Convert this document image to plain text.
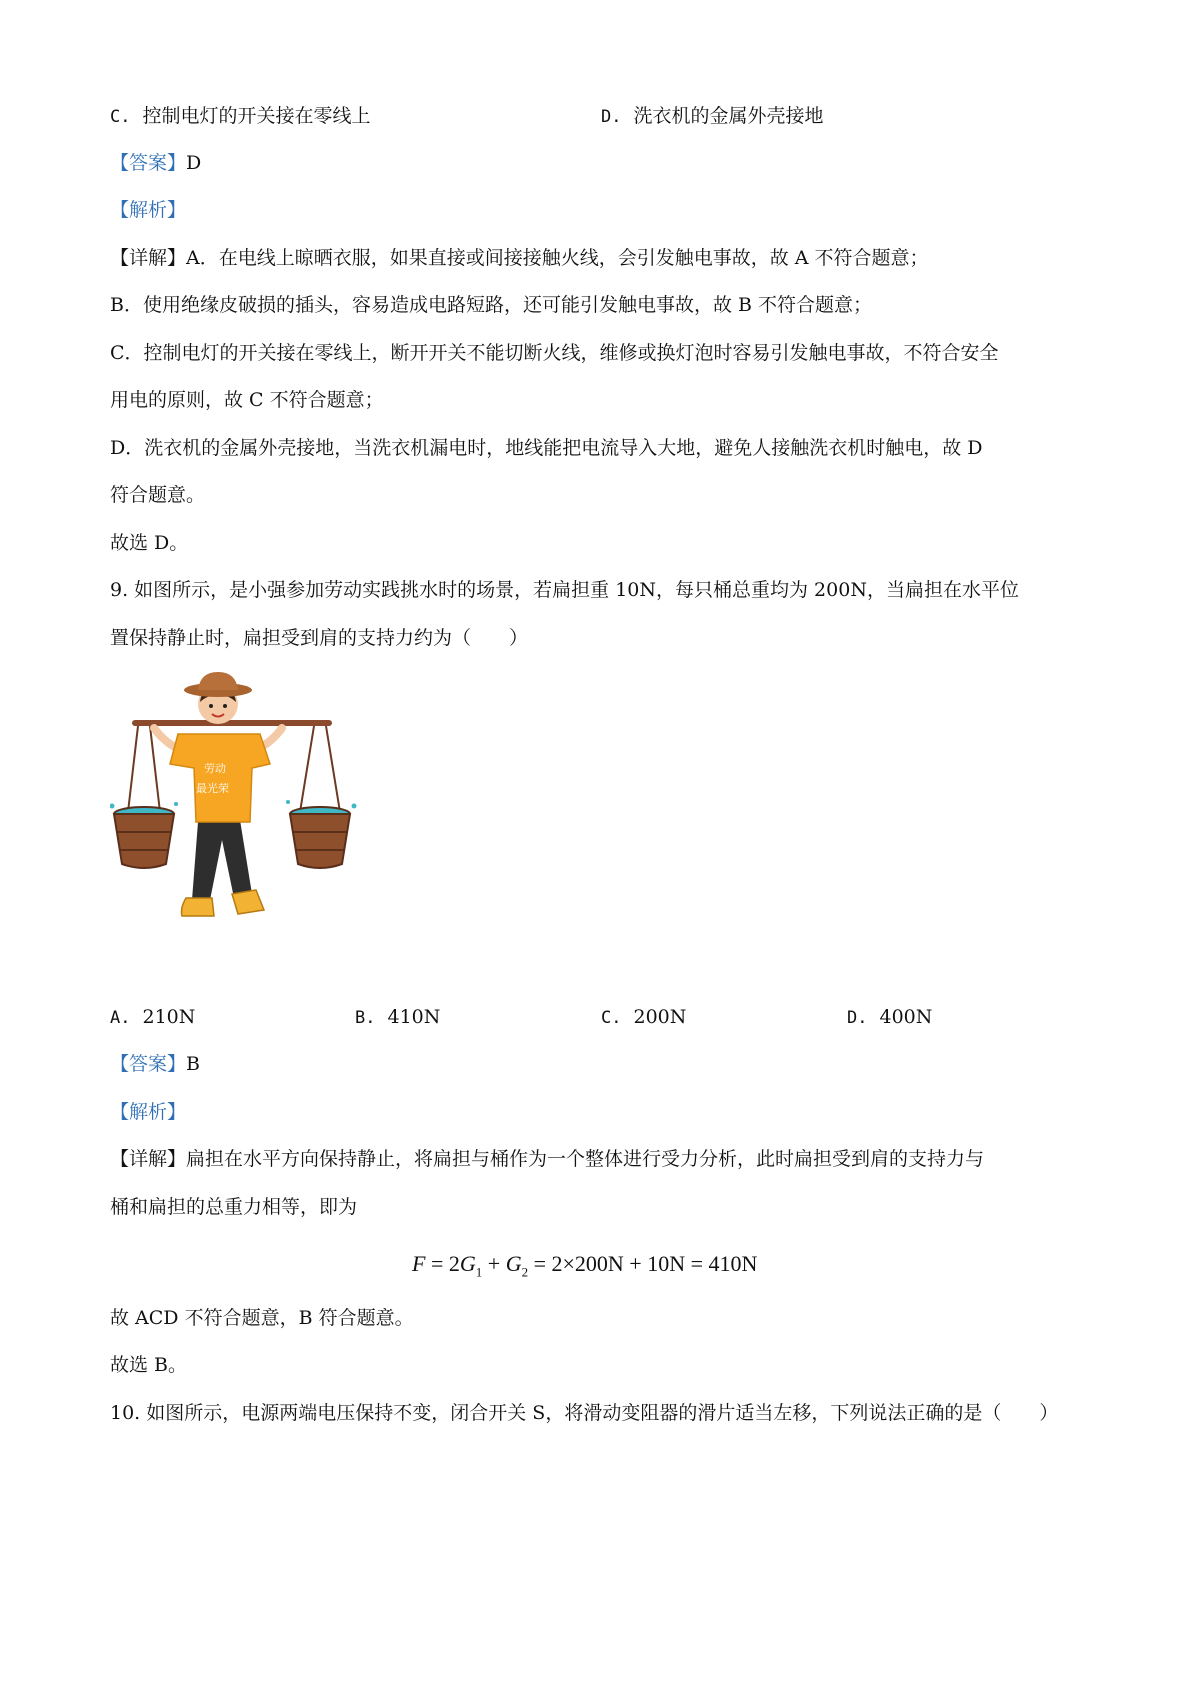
C. 控制电灯的开关接在零线上	D. 洗衣机的金属外壳接地
【答案】D
【解析】
【详解】A．在电线上晾晒衣服，如果直接或间接接触火线，会引发触电事故，故 A 不符合题意；
B．使用绝缘皮破损的插头，容易造成电路短路，还可能引发触电事故，故 B 不符合题意；
C．控制电灯的开关接在零线上，断开开关不能切断火线，维修或换灯泡时容易引发触电事故，不符合安全
用电的原则，故 C 不符合题意；
D．洗衣机的金属外壳接地，当洗衣机漏电时，地线能把电流导入大地，避免人接触洗衣机时触电，故 D
符合题意。
故选 D。
9. 如图所示，是小强参加劳动实践挑水时的场景，若扁担重 10N，每只桶总重均为 200N，当扁担在水平位
置保持静止时，扁担受到肩的支持力约为（　　）
劳动
最光荣
A. 210N	B. 410N	C. 200N	D. 400N
【答案】B
【解析】
【详解】扁担在水平方向保持静止，将扁担与桶作为一个整体进行受力分析，此时扁担受到肩的支持力与
桶和扁担的总重力相等，即为
$F = 2G_1 + G_2 = 2\times 200N + 10N = 410N$
故 ACD 不符合题意，B 符合题意。
故选 B。
10. 如图所示，电源两端电压保持不变，闭合开关 S，将滑动变阻器的滑片适当左移，下列说法正确的是（　　）
